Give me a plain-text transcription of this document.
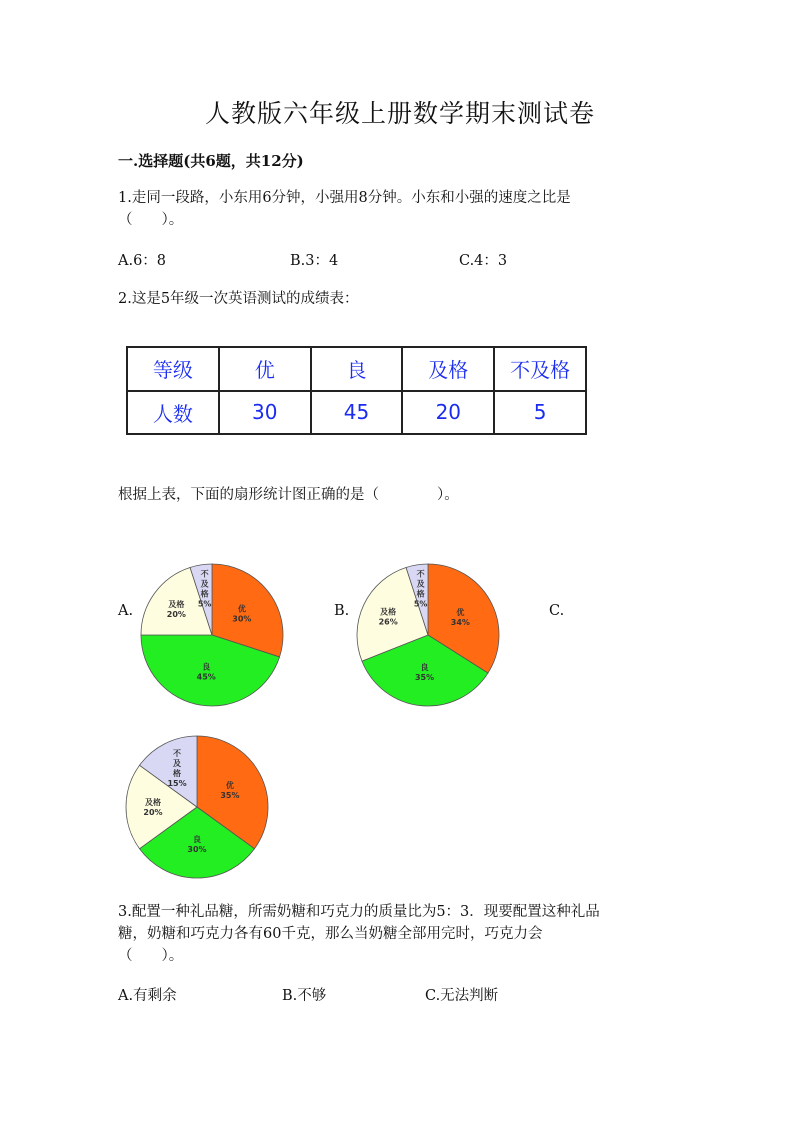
人教版六年级上册数学期末测试卷
一.选择题(共6题，共12分)
1.走同一段路，小东用6分钟，小强用8分钟。小东和小强的速度之比是
（　　）。
A.6：8	B.3：4	C.4：3
2.这是5年级一次英语测试的成绩表：
等级	优	良	及格	不及格
人数	30	45	20	5
根据上表，下面的扇形统计图正确的是（　　　　）。
A.	B.	C.
优
30%
良
45%
及格
20%
不
及
格
5%
优
34%
良
35%
及格
26%
不
及
格
5%
优
35%
良
30%
及格
20%
不
及
格
15%
3.配置一种礼品糖，所需奶糖和巧克力的质量比为5：3．现要配置这种礼品
糖，奶糖和巧克力各有60千克，那么当奶糖全部用完时，巧克力会
（　　）。
A.有剩余	B.不够	C.无法判断
